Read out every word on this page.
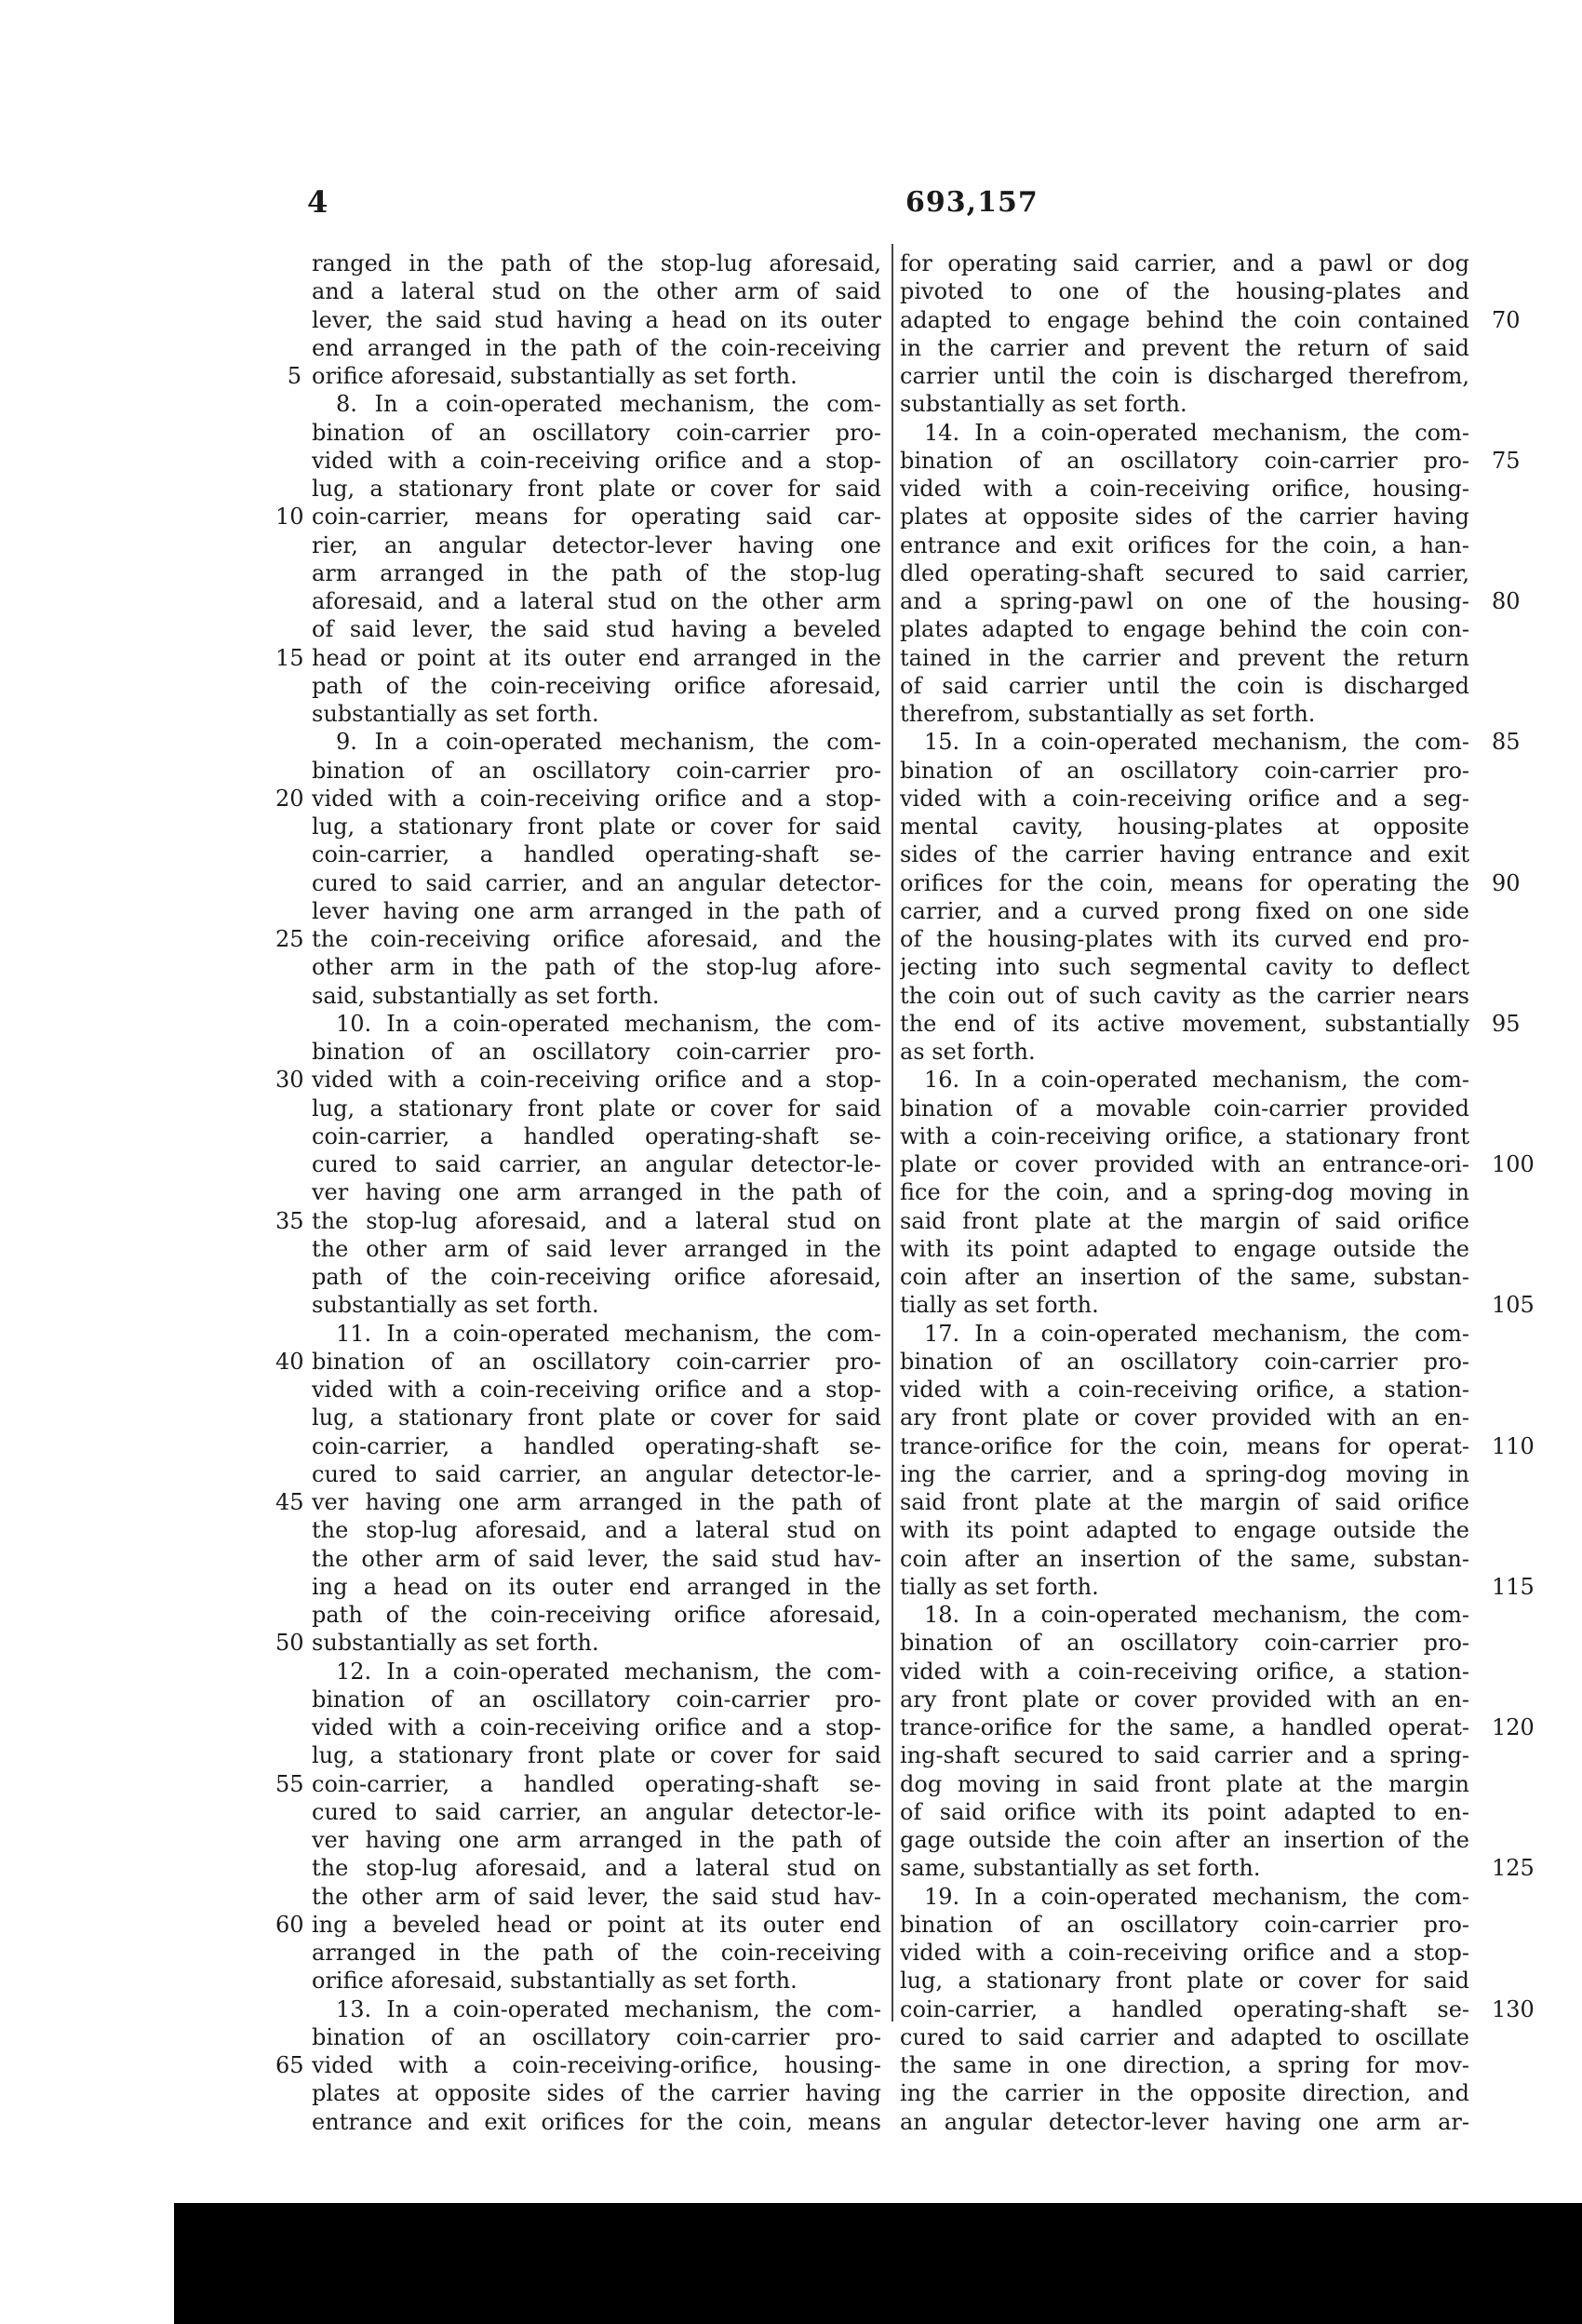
4	693,157
ranged in the path of the stop-lug aforesaid,
and a lateral stud on the other arm of said
lever, the said stud having a head on its outer
end arranged in the path of the coin-receiving
orifice aforesaid, substantially as set forth.
8. In a coin-operated mechanism, the com-
bination of an oscillatory coin-carrier pro-
vided with a coin-receiving orifice and a stop-
lug, a stationary front plate or cover for said
coin-carrier, means for operating said car-
rier, an angular detector-lever having one
arm arranged in the path of the stop-lug
aforesaid, and a lateral stud on the other arm
of said lever, the said stud having a beveled
head or point at its outer end arranged in the
path of the coin-receiving orifice aforesaid,
substantially as set forth.
9. In a coin-operated mechanism, the com-
bination of an oscillatory coin-carrier pro-
vided with a coin-receiving orifice and a stop-
lug, a stationary front plate or cover for said
coin-carrier, a handled operating-shaft se-
cured to said carrier, and an angular detector-
lever having one arm arranged in the path of
the coin-receiving orifice aforesaid, and the
other arm in the path of the stop-lug afore-
said, substantially as set forth.
10. In a coin-operated mechanism, the com-
bination of an oscillatory coin-carrier pro-
vided with a coin-receiving orifice and a stop-
lug, a stationary front plate or cover for said
coin-carrier, a handled operating-shaft se-
cured to said carrier, an angular detector-le-
ver having one arm arranged in the path of
the stop-lug aforesaid, and a lateral stud on
the other arm of said lever arranged in the
path of the coin-receiving orifice aforesaid,
substantially as set forth.
11. In a coin-operated mechanism, the com-
bination of an oscillatory coin-carrier pro-
vided with a coin-receiving orifice and a stop-
lug, a stationary front plate or cover for said
coin-carrier, a handled operating-shaft se-
cured to said carrier, an angular detector-le-
ver having one arm arranged in the path of
the stop-lug aforesaid, and a lateral stud on
the other arm of said lever, the said stud hav-
ing a head on its outer end arranged in the
path of the coin-receiving orifice aforesaid,
substantially as set forth.
12. In a coin-operated mechanism, the com-
bination of an oscillatory coin-carrier pro-
vided with a coin-receiving orifice and a stop-
lug, a stationary front plate or cover for said
coin-carrier, a handled operating-shaft se-
cured to said carrier, an angular detector-le-
ver having one arm arranged in the path of
the stop-lug aforesaid, and a lateral stud on
the other arm of said lever, the said stud hav-
ing a beveled head or point at its outer end
arranged in the path of the coin-receiving
orifice aforesaid, substantially as set forth.
13. In a coin-operated mechanism, the com-
bination of an oscillatory coin-carrier pro-
vided with a coin-receiving-orifice, housing-
plates at opposite sides of the carrier having
entrance and exit orifices for the coin, means
for operating said carrier, and a pawl or dog
pivoted to one of the housing-plates and
adapted to engage behind the coin contained
in the carrier and prevent the return of said
carrier until the coin is discharged therefrom,
substantially as set forth.
14. In a coin-operated mechanism, the com-
bination of an oscillatory coin-carrier pro-
vided with a coin-receiving orifice, housing-
plates at opposite sides of the carrier having
entrance and exit orifices for the coin, a han-
dled operating-shaft secured to said carrier,
and a spring-pawl on one of the housing-
plates adapted to engage behind the coin con-
tained in the carrier and prevent the return
of said carrier until the coin is discharged
therefrom, substantially as set forth.
15. In a coin-operated mechanism, the com-
bination of an oscillatory coin-carrier pro-
vided with a coin-receiving orifice and a seg-
mental cavity, housing-plates at opposite
sides of the carrier having entrance and exit
orifices for the coin, means for operating the
carrier, and a curved prong fixed on one side
of the housing-plates with its curved end pro-
jecting into such segmental cavity to deflect
the coin out of such cavity as the carrier nears
the end of its active movement, substantially
as set forth.
16. In a coin-operated mechanism, the com-
bination of a movable coin-carrier provided
with a coin-receiving orifice, a stationary front
plate or cover provided with an entrance-ori-
fice for the coin, and a spring-dog moving in
said front plate at the margin of said orifice
with its point adapted to engage outside the
coin after an insertion of the same, substan-
tially as set forth.
17. In a coin-operated mechanism, the com-
bination of an oscillatory coin-carrier pro-
vided with a coin-receiving orifice, a station-
ary front plate or cover provided with an en-
trance-orifice for the coin, means for operat-
ing the carrier, and a spring-dog moving in
said front plate at the margin of said orifice
with its point adapted to engage outside the
coin after an insertion of the same, substan-
tially as set forth.
18. In a coin-operated mechanism, the com-
bination of an oscillatory coin-carrier pro-
vided with a coin-receiving orifice, a station-
ary front plate or cover provided with an en-
trance-orifice for the same, a handled operat-
ing-shaft secured to said carrier and a spring-
dog moving in said front plate at the margin
of said orifice with its point adapted to en-
gage outside the coin after an insertion of the
same, substantially as set forth.
19. In a coin-operated mechanism, the com-
bination of an oscillatory coin-carrier pro-
vided with a coin-receiving orifice and a stop-
lug, a stationary front plate or cover for said
coin-carrier, a handled operating-shaft se-
cured to said carrier and adapted to oscillate
the same in one direction, a spring for mov-
ing the carrier in the opposite direction, and
an angular detector-lever having one arm ar-
5
10
15
20
25
30
35
40
45
50
55
60
65
70
75
80
85
90
95
100
105
110
115
120
125
130
